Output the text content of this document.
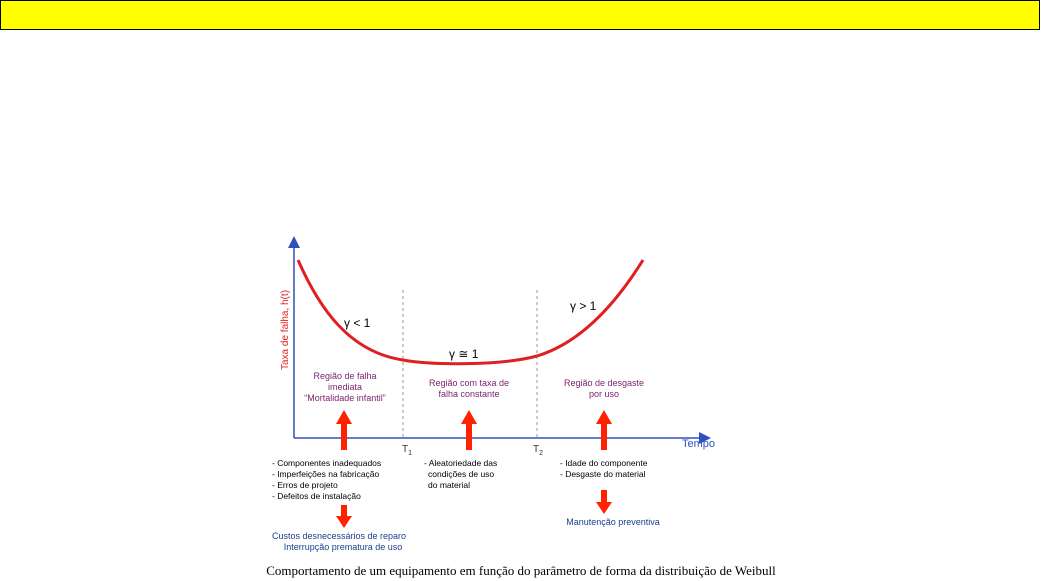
Taxa de falha, h(t)
Tempo
γ < 1
γ ≅ 1
γ > 1
$T_1$	$T_2$
Região de falha
imediata
“Mortalidade infantil”
Região com taxa de
falha constante
Região de desgaste
por uso
- Componentes inadequados
- Imperfeições na fabricação
- Erros de projeto
- Defeitos de instalação
- Aleatoriedade das
condições de uso
do material
- Idade do componente
- Desgaste do material
Custos desnecessários de reparo
Interrupção prematura de uso
Manutenção preventiva
Comportamento de um equipamento em função do parâmetro de forma da distribuição de Weibull
